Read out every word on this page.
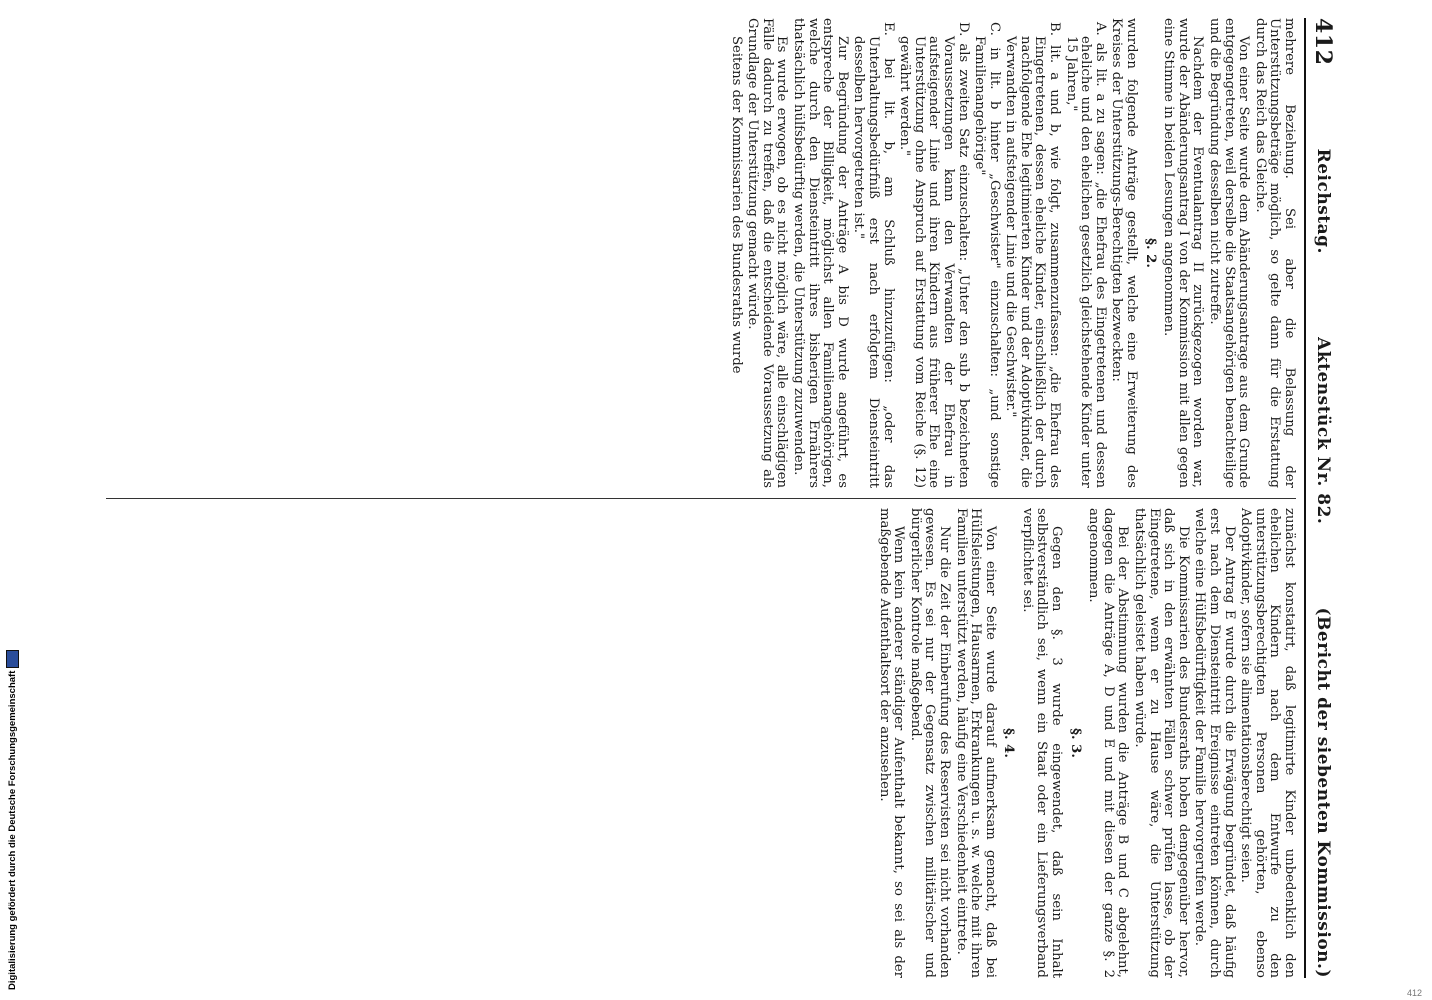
412
Reichstag.
Aktenstück Nr. 82.
(Bericht der siebenten Kommission.)

mehrere Beziehung. Sei aber die Belassung der Unterstützungsbeträge möglich, so gelte dann für die Erstattung durch das Reich das Gleiche.

Von einer Seite wurde dem Abänderungsantrage aus dem Grunde entgegengetreten, weil derselbe die Staatsangehörigen benachteilige und die Begründung desselben nicht zutreffe.

Nachdem der Eventualantrag II zurückgezogen worden war, wurde der Abänderungsantrag I von der Kommission mit allen gegen eine Stimme in beiden Lesungen angenommen.

§. 2.

wurden folgende Anträge gestellt, welche eine Erweiterung des Kreises der Unterstützungs-Berechtigten bezweckten:

A. als lit. a zu sagen: „die Ehefrau des Eingetretenen und dessen eheliche und den ehelichen gesetzlich gleichstehende Kinder unter 15 Jahren,"

B. lit. a und b, wie folgt, zusammenzufassen: „die Ehefrau des Eingetretenen, dessen eheliche Kinder, einschließlich der durch nachfolgende Ehe legitimierten Kinder und der Adoptivkinder, die Verwandten in aufsteigender Linie und die Geschwister."

C. in lit. b hinter „Geschwister" einzuschalten: „und sonstige Familienangehörige"

D. als zweiten Satz einzuschalten: „Unter den sub b bezeichneten Voraussetzungen kann den Verwandten der Ehefrau in aufsteigender Linie und ihren Kindern aus früherer Ehe eine Unterstützung ohne Anspruch auf Erstattung vom Reiche (§. 12) gewährt werden."

E. bei lit. b, am Schluß hinzuzufügen: „oder das Unterhaltungsbedürfniß erst nach erfolgtem Diensteintritt desselben hervorgetreten ist."

Zur Begründung der Anträge A bis D wurde angeführt, es entspreche der Billigkeit, möglichst allen Familienangehörigen, welche durch den Diensteintritt ihres bisherigen Ernährers thatsächlich hülfsbedürftig werden, die Unterstützung zuzuwenden.

Es wurde erwogen, ob es nicht möglich wäre, alle einschlägigen Fälle dadurch zu treffen, daß die entscheidende Voraussetzung als Grundlage der Unterstützung gemacht würde.

Seitens der Kommissarien des Bundesraths wurde

zunächst konstatirt, daß legitimirte Kinder unbedenklich den ehelichen Kindern nach dem Entwurfe zu den unterstützungsberechtigten Personen gehörten, ebenso Adoptivkinder, sofern sie alimentationsberechtigt seien.

Der Antrag E wurde durch die Erwägung begründet, daß häufig erst nach dem Diensteintritt Ereignisse eintreten können, durch welche eine Hülfsbedürftigkeit der Familie hervorgerufen werde.

Die Kommissarien des Bundesraths hoben demgegenüber hervor, daß sich in den erwähnten Fällen schwer prüfen lasse, ob der Eingetretene, wenn er zu Hause wäre, die Unterstützung thatsächlich geleistet haben würde.

Bei der Abstimmung wurden die Anträge B und C abgelehnt, dagegen die Anträge A, D und E und mit diesen der ganze §. 2 angenommen.

§. 3.

Gegen den §. 3 wurde eingewendet, daß sein Inhalt selbstverständlich sei, wenn ein Staat oder ein Lieferungsverband verpflichtet sei.

§. 4.

Von einer Seite wurde darauf aufmerksam gemacht, daß bei Hülfsleistungen, Hausarmen, Erkrankungen u. s. w. welche mit ihren Familien unterstützt werden, häufig eine Verschiedenheit eintrete.

Nur die Zeit der Einberufung des Reservisten sei nicht vorhanden gewesen. Es sei nur der Gegensatz zwischen militärischer und bürgerlicher Kontrole maßgebend.

Wenn kein anderer ständiger Aufenthalt bekannt, so sei als der maßgebende Aufenthaltsort der anzusehen.

Digitalisierung gefördert durch die Deutsche Forschungsgemeinschaft
412
